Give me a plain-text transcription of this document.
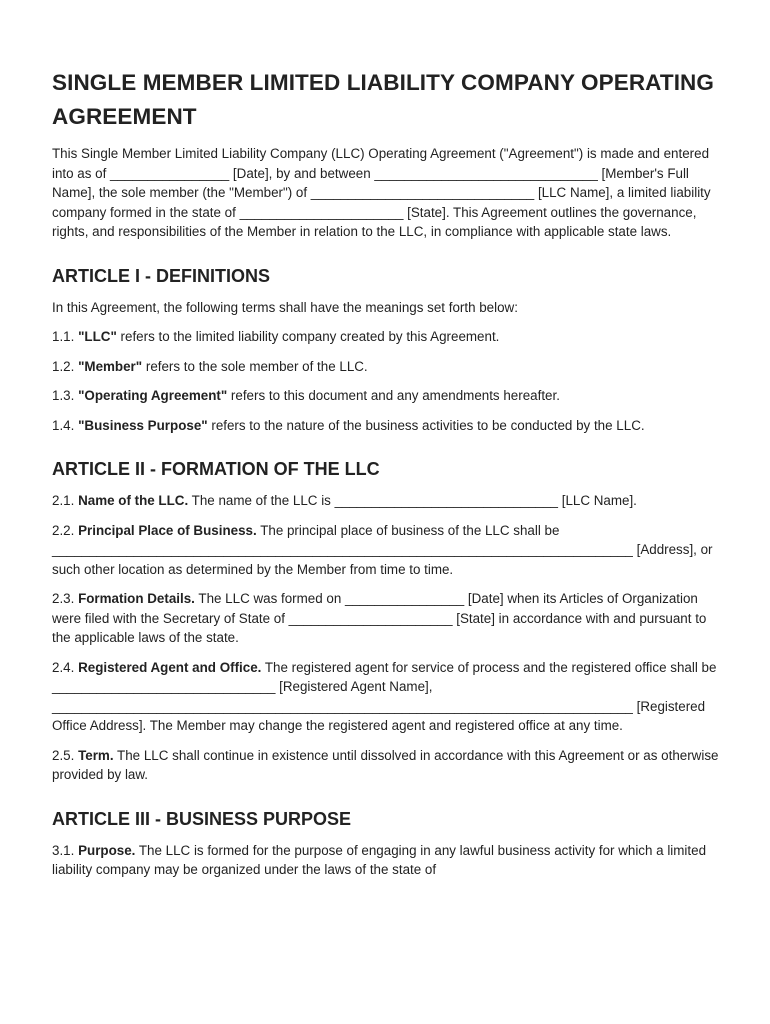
SINGLE MEMBER LIMITED LIABILITY COMPANY OPERATING AGREEMENT

This Single Member Limited Liability Company (LLC) Operating Agreement ("Agreement") is made and entered into as of ________________ [Date], by and between ______________________________ [Member's Full Name], the sole member (the "Member") of ______________________________ [LLC Name], a limited liability company formed in the state of ______________________ [State]. This Agreement outlines the governance, rights, and responsibilities of the Member in relation to the LLC, in compliance with applicable state laws.

ARTICLE I - DEFINITIONS

In this Agreement, the following terms shall have the meanings set forth below:

1.1. "LLC" refers to the limited liability company created by this Agreement.

1.2. "Member" refers to the sole member of the LLC.

1.3. "Operating Agreement" refers to this document and any amendments hereafter.

1.4. "Business Purpose" refers to the nature of the business activities to be conducted by the LLC.

ARTICLE II - FORMATION OF THE LLC

2.1. Name of the LLC. The name of the LLC is ______________________________ [LLC Name].

2.2. Principal Place of Business. The principal place of business of the LLC shall be ______________________________________________________________________________ [Address], or such other location as determined by the Member from time to time.

2.3. Formation Details. The LLC was formed on ________________ [Date] when its Articles of Organization were filed with the Secretary of State of ______________________ [State] in accordance with and pursuant to the applicable laws of the state.

2.4. Registered Agent and Office. The registered agent for service of process and the registered office shall be ______________________________ [Registered Agent Name], ______________________________________________________________________________ [Registered Office Address]. The Member may change the registered agent and registered office at any time.

2.5. Term. The LLC shall continue in existence until dissolved in accordance with this Agreement or as otherwise provided by law.

ARTICLE III - BUSINESS PURPOSE

3.1. Purpose. The LLC is formed for the purpose of engaging in any lawful business activity for which a limited liability company may be organized under the laws of the state of
